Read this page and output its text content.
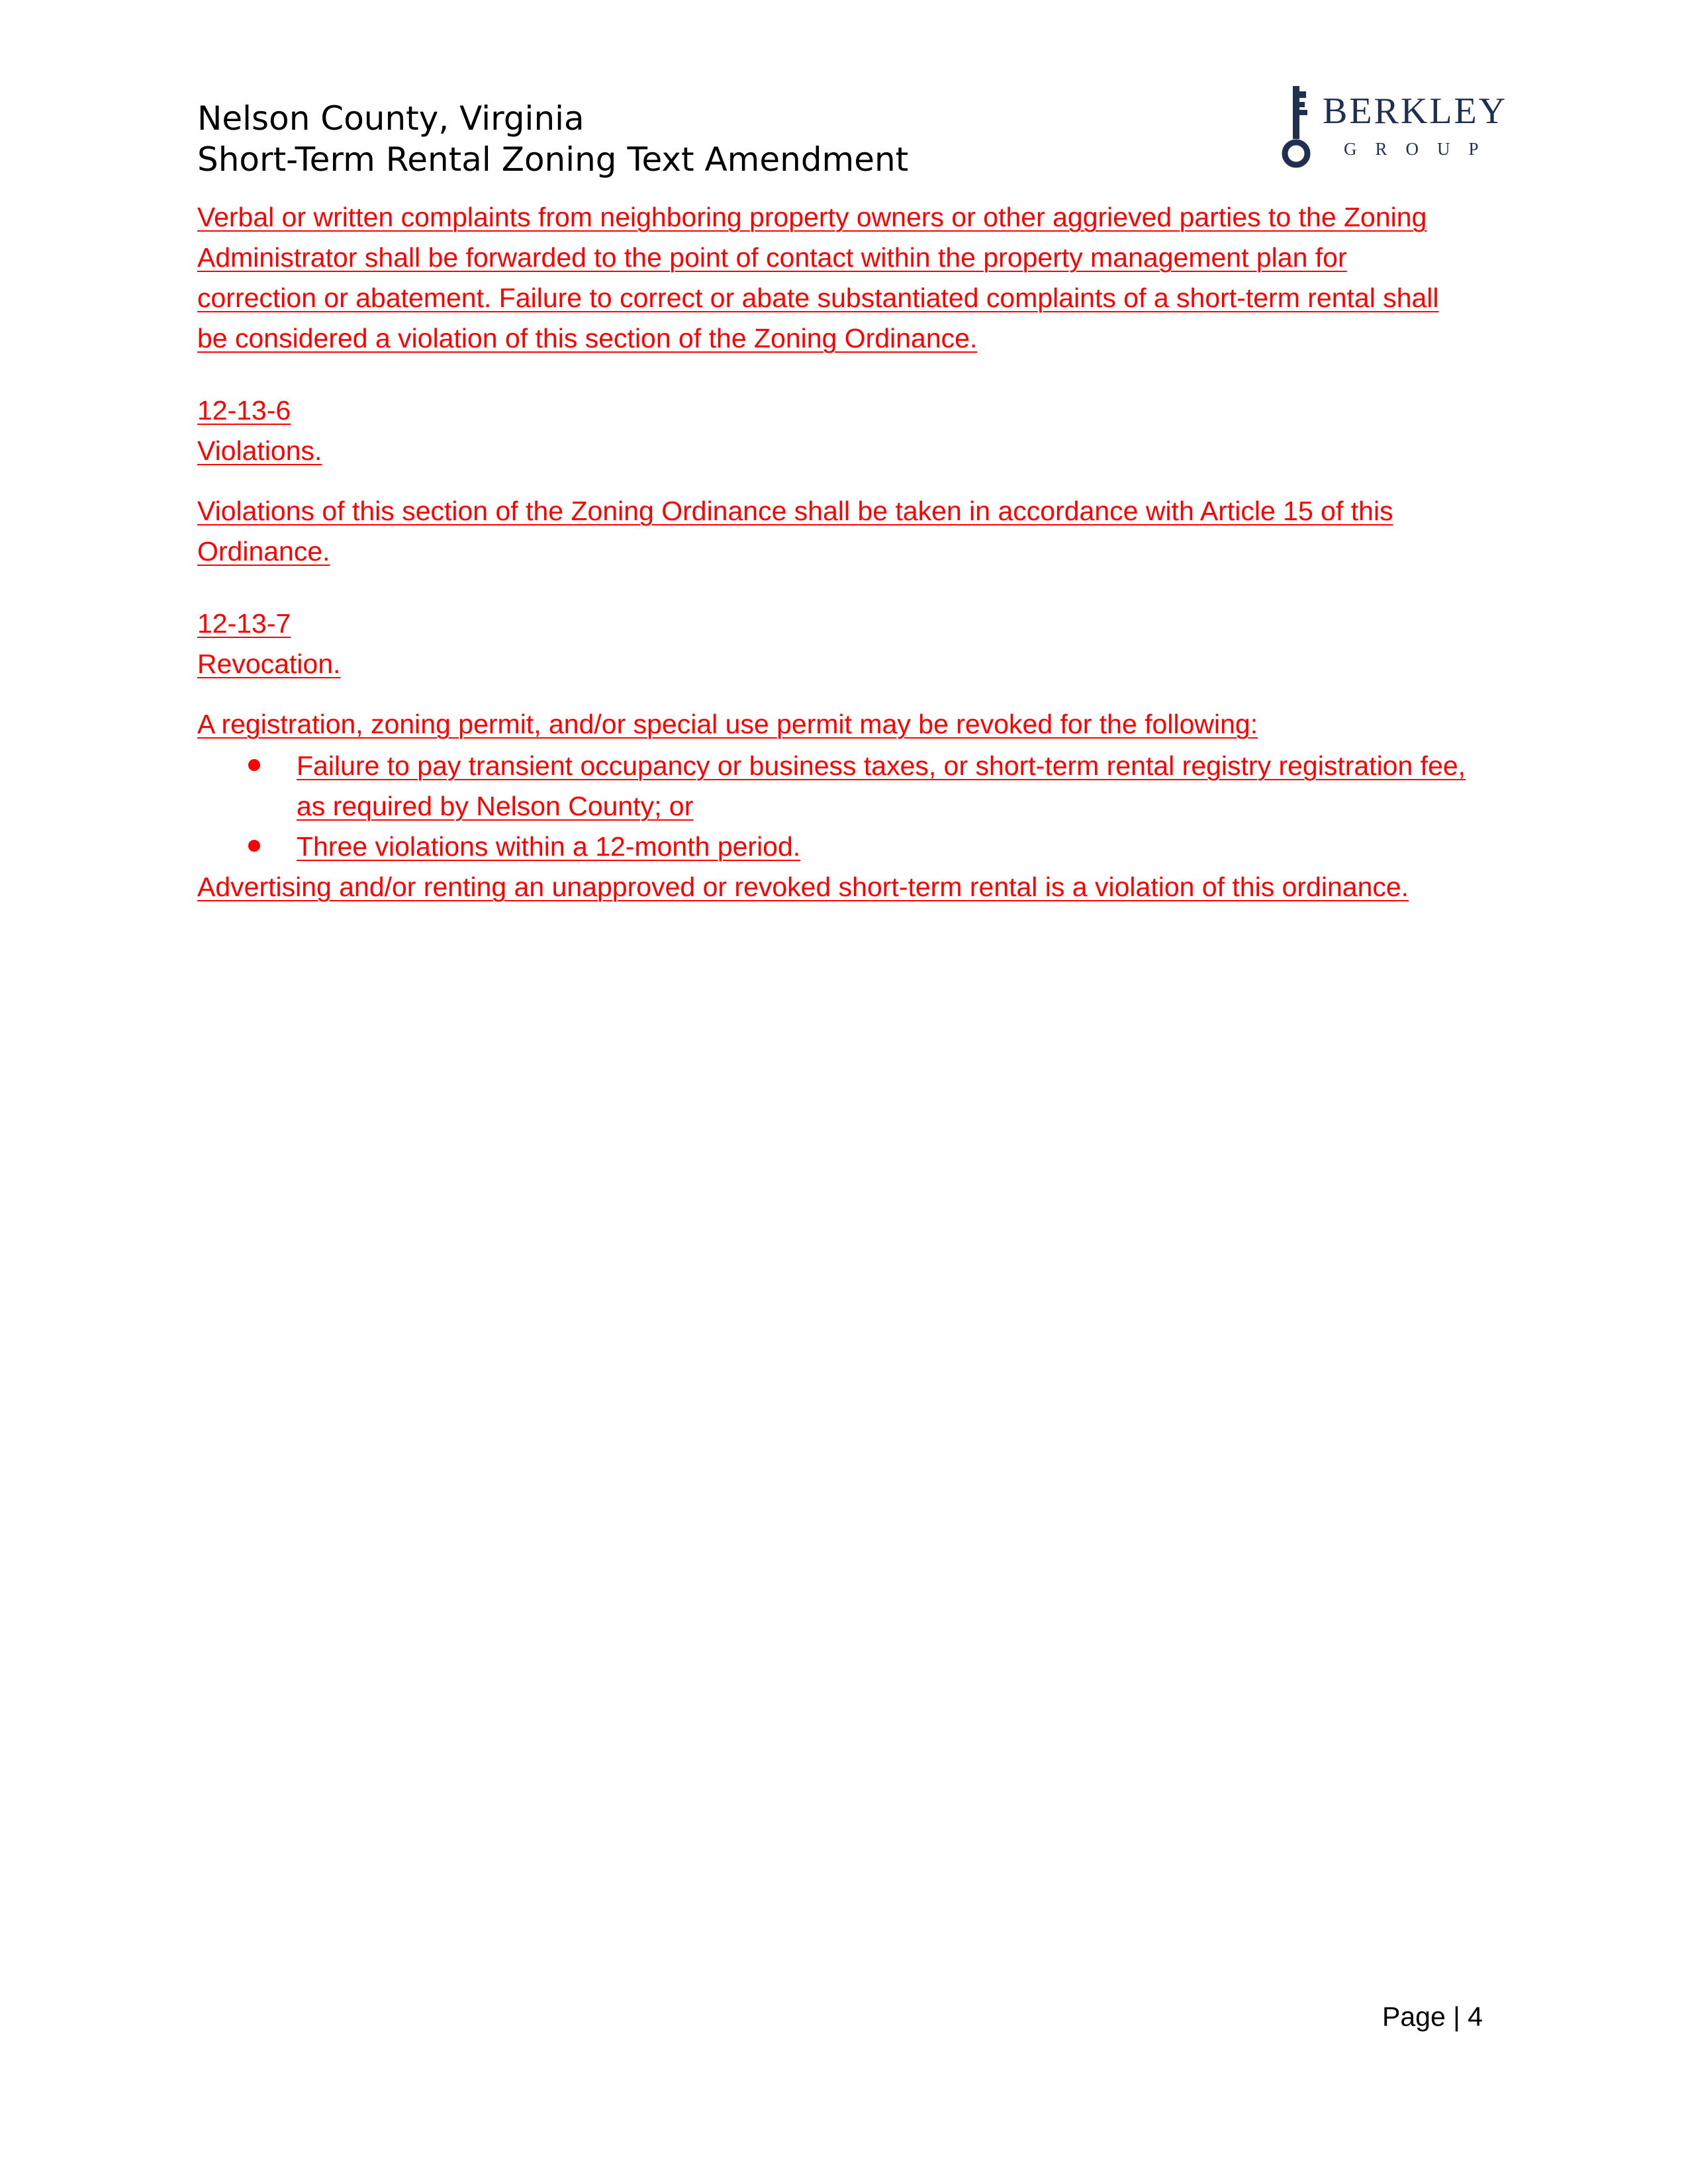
Nelson County, Virginia
Short-Term Rental Zoning Text Amendment
BERKLEY
GROUP

Verbal or written complaints from neighboring property owners or other aggrieved parties to the Zoning Administrator shall be forwarded to the point of contact within the property management plan for correction or abatement. Failure to correct or abate substantiated complaints of a short-term rental shall be considered a violation of this section of the Zoning Ordinance.

12-13-6
Violations.

Violations of this section of the Zoning Ordinance shall be taken in accordance with Article 15 of this Ordinance.

12-13-7
Revocation.

A registration, zoning permit, and/or special use permit may be revoked for the following:

Failure to pay transient occupancy or business taxes, or short-term rental registry registration fee, as required by Nelson County; or
Three violations within a 12-month period.

Advertising and/or renting an unapproved or revoked short-term rental is a violation of this ordinance.

Page | 4
